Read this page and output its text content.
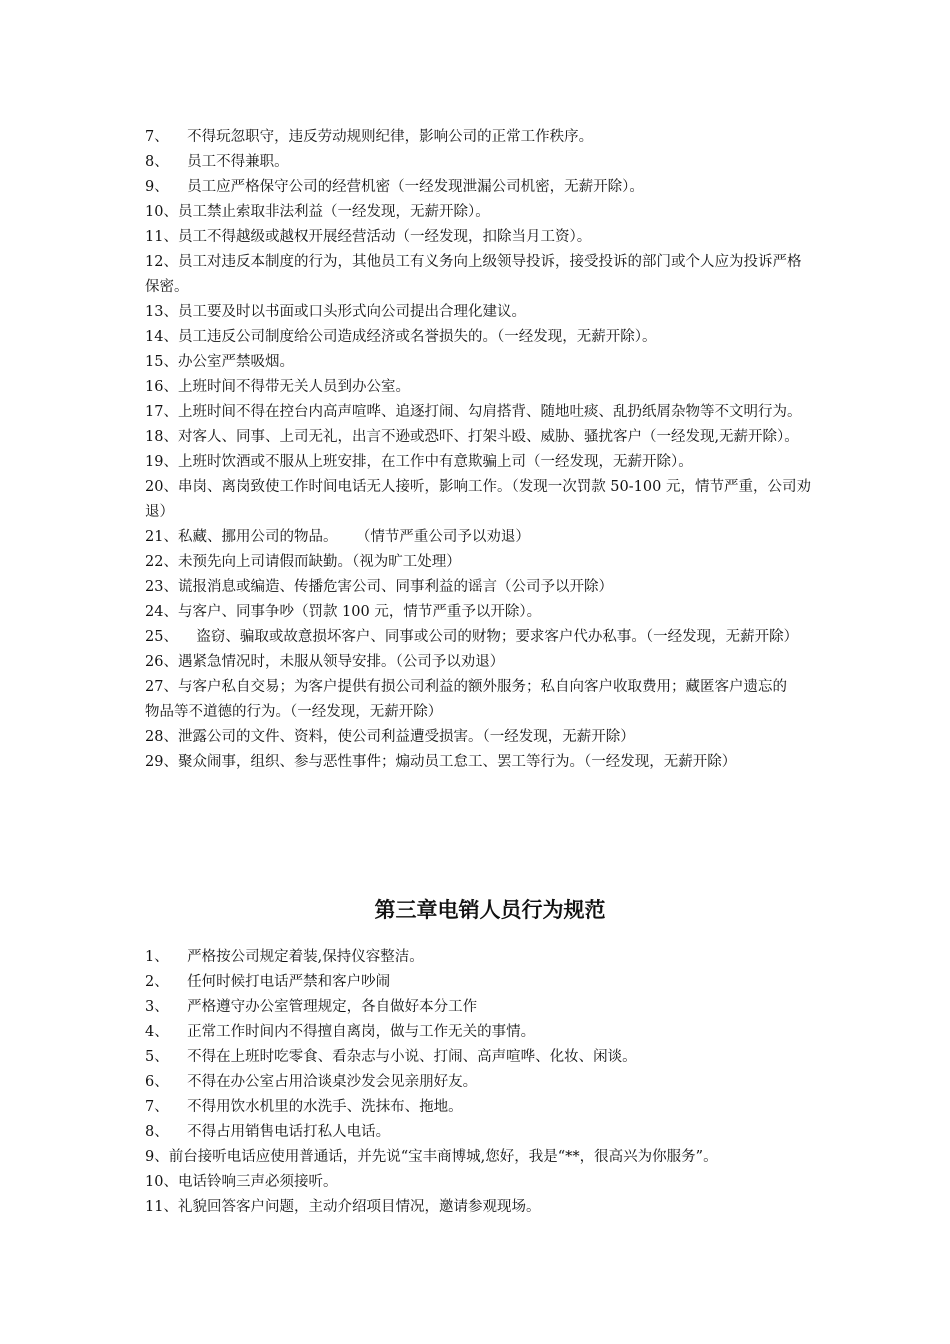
7、    不得玩忽职守，违反劳动规则纪律，影响公司的正常工作秩序。

8、    员工不得兼职。

9、    员工应严格保守公司的经营机密（一经发现泄漏公司机密，无薪开除）。

10、员工禁止索取非法利益（一经发现，无薪开除）。

11、员工不得越级或越权开展经营活动（一经发现，扣除当月工资）。

12、员工对违反本制度的行为，其他员工有义务向上级领导投诉，接受投诉的部门或个人应为投诉严格保密。

13、员工要及时以书面或口头形式向公司提出合理化建议。

14、员工违反公司制度给公司造成经济或名誉损失的。（一经发现，无薪开除）。

15、办公室严禁吸烟。

16、上班时间不得带无关人员到办公室。

17、上班时间不得在控台内高声喧哗、追逐打闹、勾肩搭背、随地吐痰、乱扔纸屑杂物等不文明行为。

18、对客人、同事、上司无礼，出言不逊或恐吓、打架斗殴、威胁、骚扰客户（一经发现,无薪开除）。

19、上班时饮酒或不服从上班安排，在工作中有意欺骗上司（一经发现，无薪开除）。

20、串岗、离岗致使工作时间电话无人接听，影响工作。（发现一次罚款 50-100 元，情节严重，公司劝退）

21、私藏、挪用公司的物品。    （情节严重公司予以劝退）

22、未预先向上司请假而缺勤。（视为旷工处理）

23、谎报消息或编造、传播危害公司、同事利益的谣言（公司予以开除）

24、与客户、同事争吵（罚款 100 元，情节严重予以开除）。

25、    盗窃、骗取或故意损坏客户、同事或公司的财物；要求客户代办私事。（一经发现，无薪开除）

26、遇紧急情况时，未服从领导安排。（公司予以劝退）

27、与客户私自交易；为客户提供有损公司利益的额外服务；私自向客户收取费用；藏匿客户遗忘的    物品等不道德的行为。（一经发现，无薪开除）

28、泄露公司的文件、资料，使公司利益遭受损害。（一经发现，无薪开除）

29、聚众闹事，组织、参与恶性事件；煽动员工怠工、罢工等行为。（一经发现，无薪开除）

第三章电销人员行为规范

1、    严格按公司规定着装,保持仪容整洁。

2、    任何时候打电话严禁和客户吵闹

3、    严格遵守办公室管理规定，各自做好本分工作

4、    正常工作时间内不得擅自离岗，做与工作无关的事情。

5、    不得在上班时吃零食、看杂志与小说、打闹、高声喧哗、化妆、闲谈。

6、    不得在办公室占用洽谈桌沙发会见亲朋好友。

7、    不得用饮水机里的水洗手、洗抹布、拖地。

8、    不得占用销售电话打私人电话。

9、前台接听电话应使用普通话，并先说“宝丰商博城,您好，我是“**，很高兴为你服务”。

10、电话铃响三声必须接听。

11、礼貌回答客户问题，主动介绍项目情况，邀请参观现场。
